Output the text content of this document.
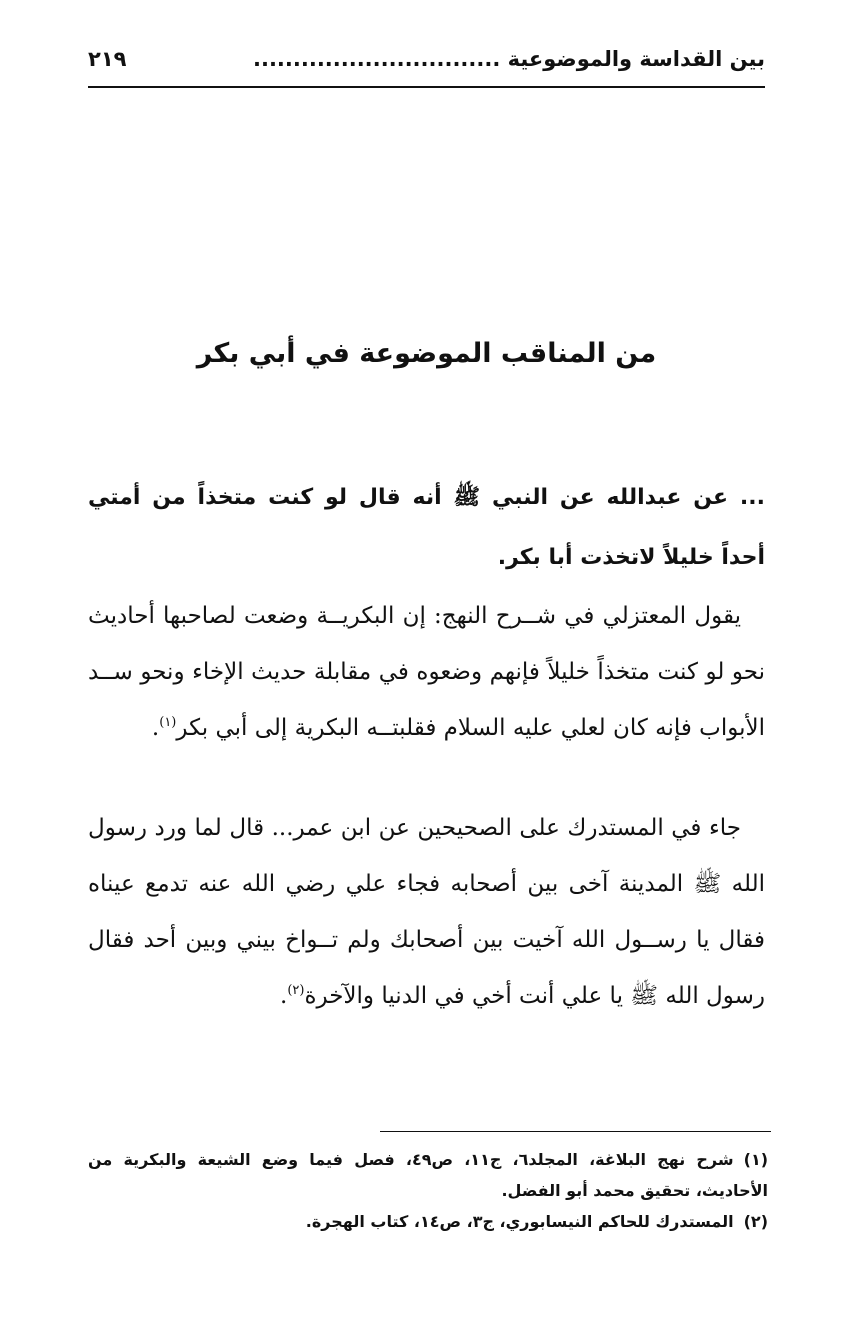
بين القداسة والموضوعية ...............................
٢١٩
من المناقب الموضوعة في أبي بكر

... عن عبدالله عن النبي ﷺ أنه قال لو كنت متخذاً من أمتي أحداً خليلاً لاتخذت أبا بكر.

يقول المعتزلي في شــرح النهج: إن البكريــة وضعت لصاحبها أحاديث نحو لو كنت متخذاً خليلاً فإنهم وضعوه في مقابلة حديث الإخاء ونحو ســد الأبواب فإنه كان لعلي عليه السلام فقلبتــه البكرية إلى أبي بكر$^{(١)}$.

جاء في المستدرك على الصحيحين عن ابن عمر... قال لما ورد رسول الله ﷺ المدينة آخى بين أصحابه فجاء علي رضي الله عنه تدمع عيناه فقال يا رســول الله آخيت بين أصحابك ولم تــواخ بيني وبين أحد فقال رسول الله ﷺ يا علي أنت أخي في الدنيا والآخرة$^{(٢)}$.

(١)شرح نهج البلاغة، المجلد٦، ج١١، ص٤٩، فصل فيما وضع الشيعة والبكرية من الأحاديث، تحقيق محمد أبو الفضل.

(٢)المستدرك للحاكم النيسابوري، ج٣، ص١٤، كتاب الهجرة.
